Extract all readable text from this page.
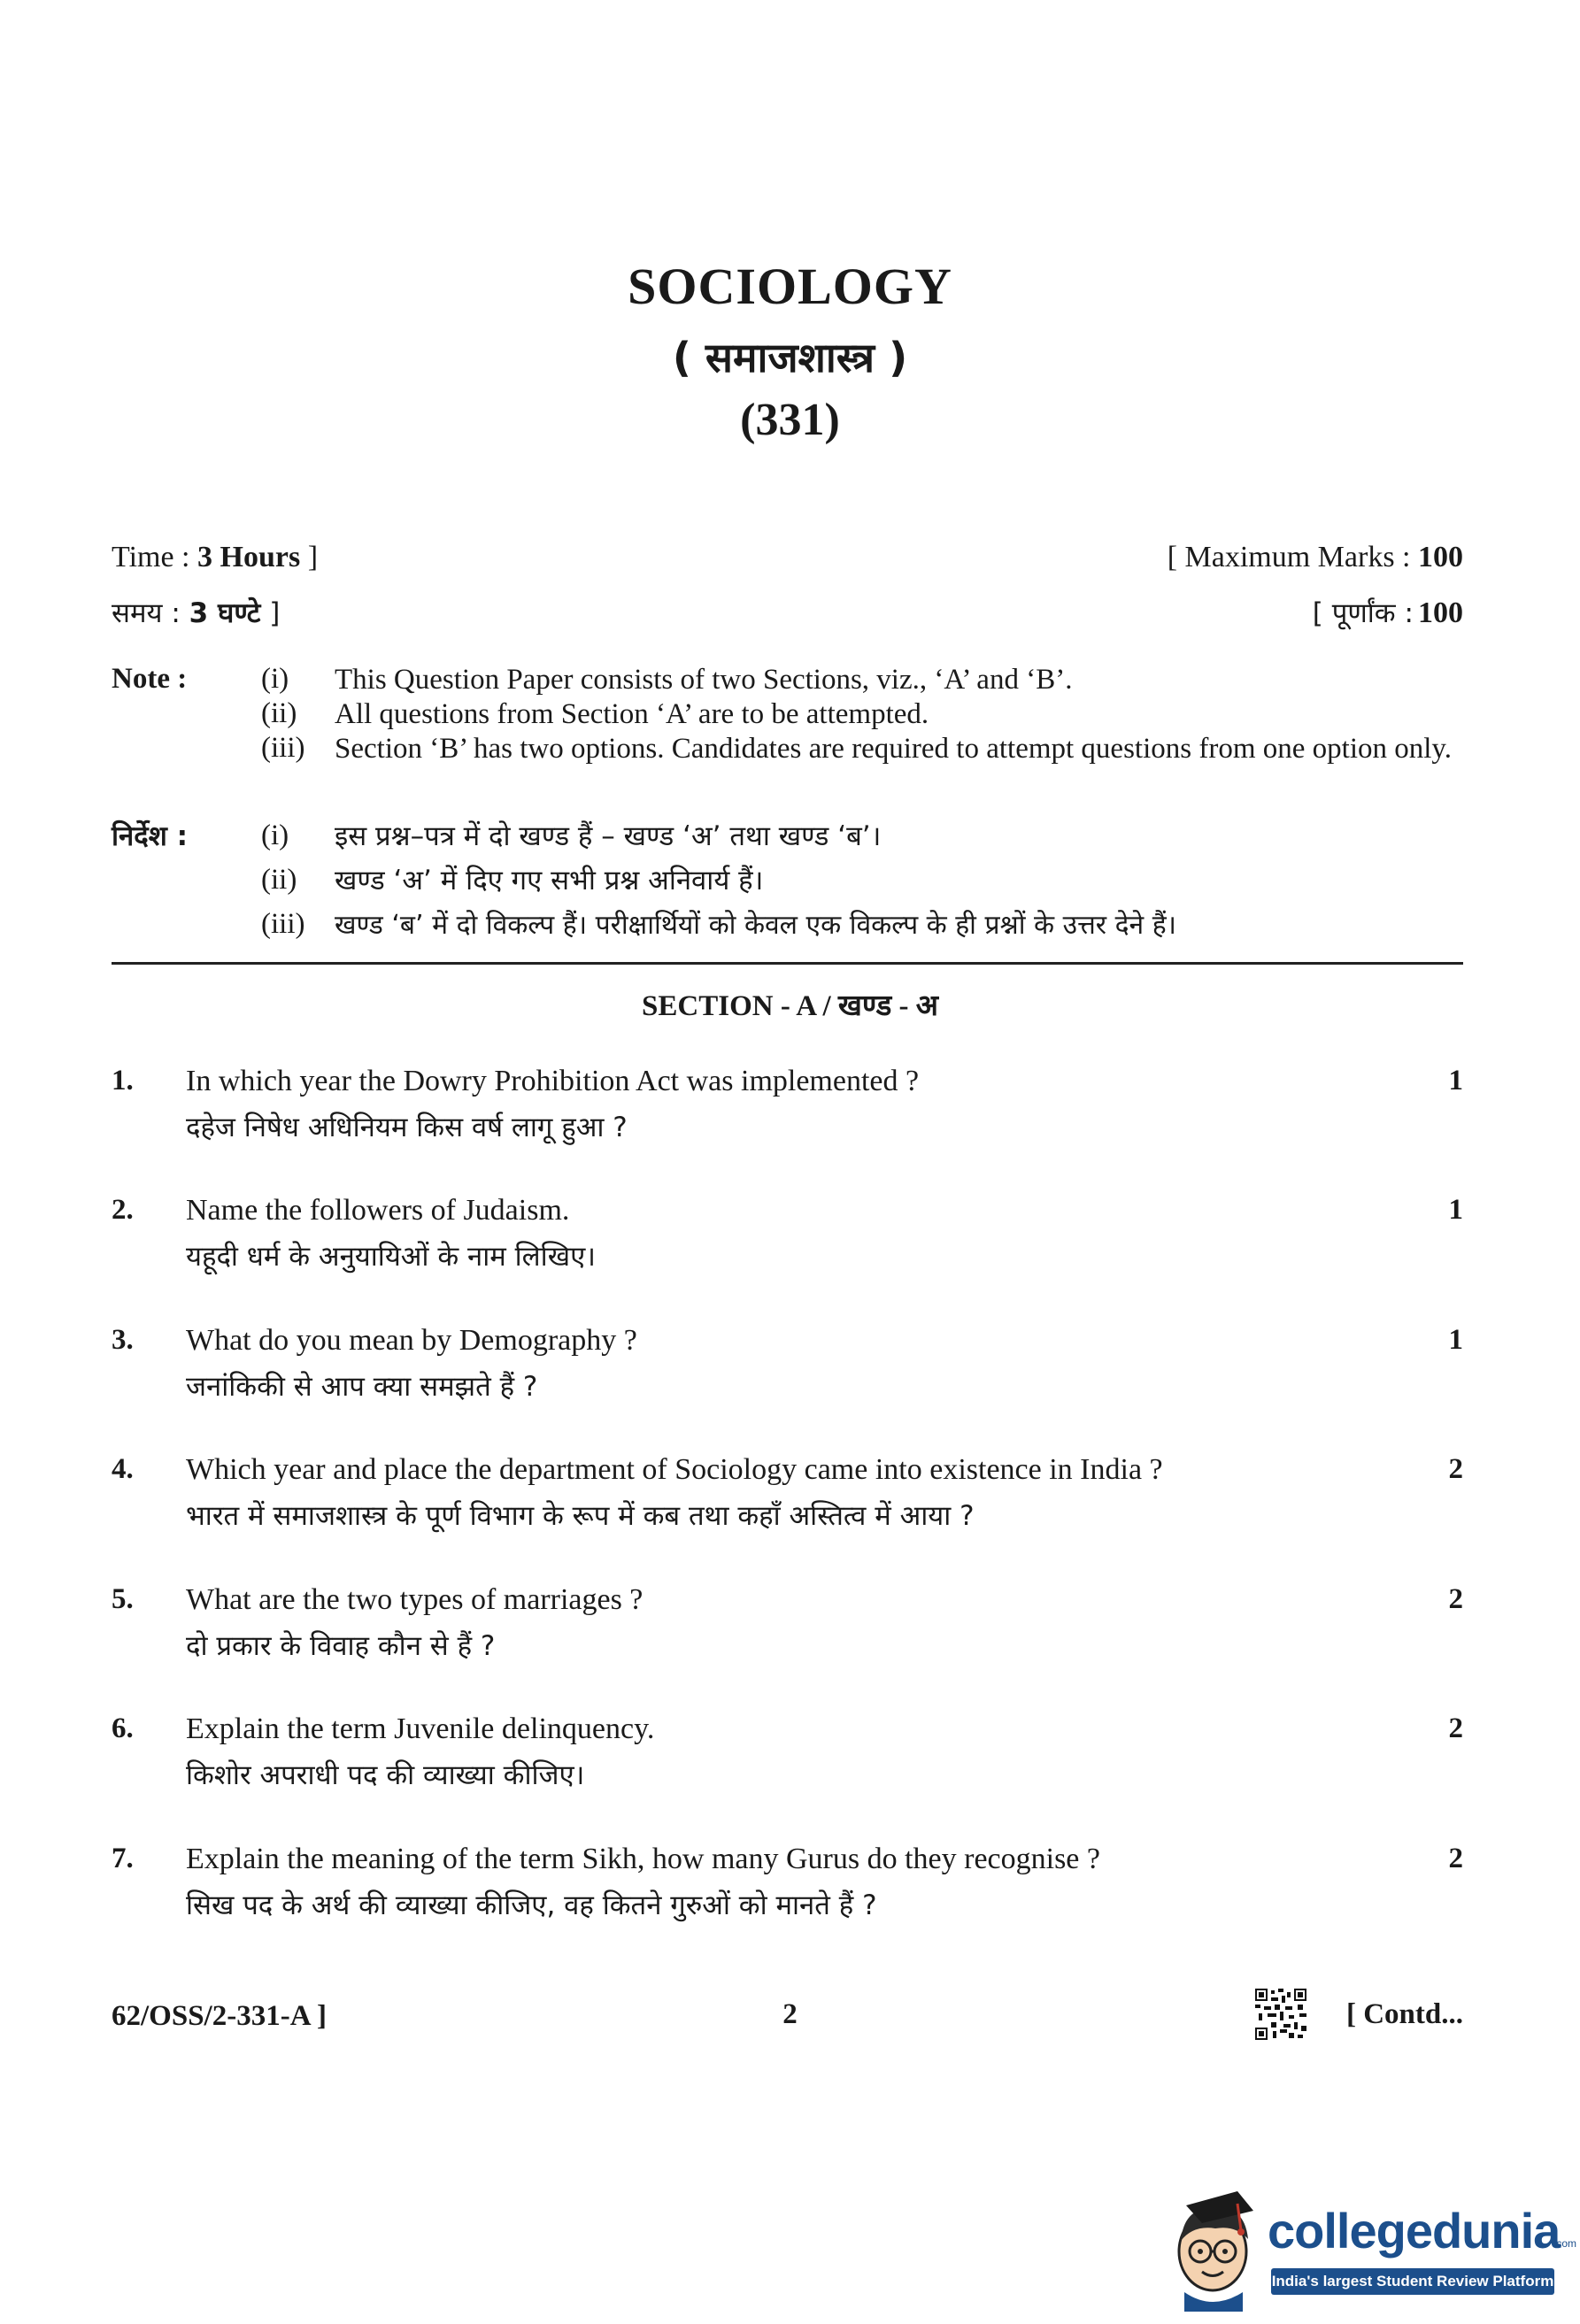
SOCIOLOGY
( समाजशास्त्र )
(331)
Time : 3 Hours ]	[ Maximum Marks : 100
समय : 3 घण्टे ]	[ पूर्णांक : 100
Note :	(i) This Question Paper consists of two Sections, viz., ‘A’ and ‘B’.
(ii) All questions from Section ‘A’ are to be attempted.
(iii) Section ‘B’ has two options. Candidates are required to attempt questions from one option only.
निर्देश :	(i) इस प्रश्न–पत्र में दो खण्ड हैं – खण्ड ‘अ’ तथा खण्ड ‘ब’।
(ii) खण्ड ‘अ’ में दिए गए सभी प्रश्न अनिवार्य हैं।
(iii) खण्ड ‘ब’ में दो विकल्प हैं। परीक्षार्थियों को केवल एक विकल्प के ही प्रश्नों के उत्तर देने हैं।
SECTION - A / खण्ड - अ
1. In which year the Dowry Prohibition Act was implemented ?	1
दहेज निषेध अधिनियम किस वर्ष लागू हुआ ?
2. Name the followers of Judaism.	1
यहूदी धर्म के अनुयायिओं के नाम लिखिए।
3. What do you mean by Demography ?	1
जनांकिकी से आप क्या समझते हैं ?
4. Which year and place the department of Sociology came into existence in India ?	2
भारत में समाजशास्त्र के पूर्ण विभाग के रूप में कब तथा कहाँ अस्तित्व में आया ?
5. What are the two types of marriages ?	2
दो प्रकार के विवाह कौन से हैं ?
6. Explain the term Juvenile delinquency.	2
किशोर अपराधी पद की व्याख्या कीजिए।
7. Explain the meaning of the term Sikh, how many Gurus do they recognise ?	2
सिख पद के अर्थ की व्याख्या कीजिए, वह कितने गुरुओं को मानते हैं ?
62/OSS/2-331-A ]	2	[ Contd...
collegedunia
.com
India's largest Student Review Platform
